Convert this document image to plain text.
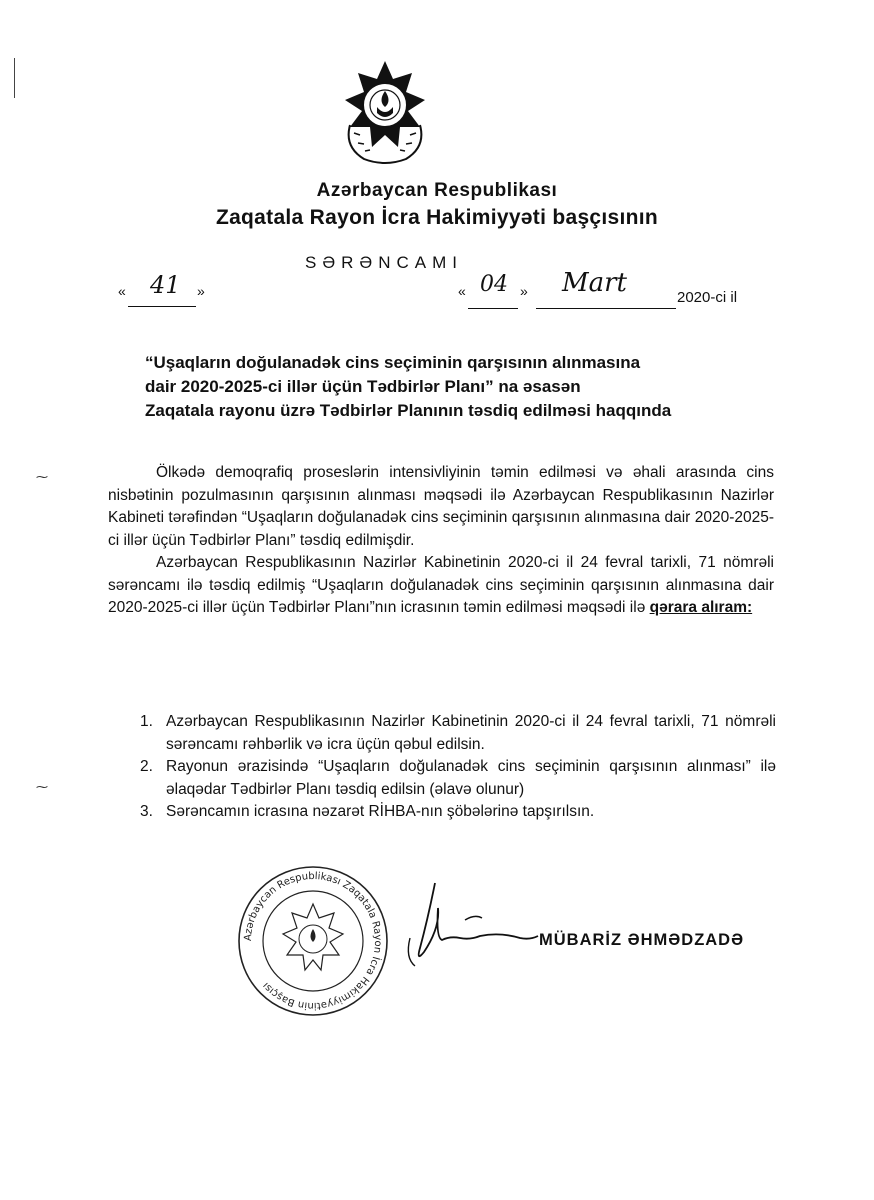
⁓
⁓
Azərbaycan Respublikası
Zaqatala Rayon İcra Hakimiyyəti başçısının
SƏRƏNCAMI
« 41 »	« 04 » Mart	2020-ci il
“Uşaqların doğulanadək cins seçiminin qarşısının alınmasına
dair 2020-2025-ci illər üçün Tədbirlər Planı” na əsasən
Zaqatala rayonu üzrə Tədbirlər Planının təsdiq edilməsi haqqında

Ölkədə demoqrafiq proseslərin intensivliyinin təmin edilməsi və əhali arasında cins nisbətinin pozulmasının qarşısının alınması məqsədi ilə Azərbaycan Respublikasının Nazirlər Kabineti tərəfindən “Uşaqların doğulanadək cins seçiminin qarşısının alınmasına dair 2020-2025-ci illər üçün Tədbirlər Planı” təsdiq edilmişdir.

Azərbaycan Respublikasının Nazirlər Kabinetinin 2020-ci il 24 fevral tarixli, 71 nömrəli sərəncamı ilə təsdiq edilmiş “Uşaqların doğulanadək cins seçiminin qarşısının alınmasına dair 2020-2025-ci illər üçün Tədbirlər Planı”nın icrasının təmin edilməsi məqsədi ilə qərara alıram:

1. Azərbaycan Respublikasının Nazirlər Kabinetinin 2020-ci il 24 fevral tarixli, 71 nömrəli sərəncamı rəhbərlik və icra üçün qəbul edilsin.
2. Rayonun ərazisində “Uşaqların doğulanadək cins seçiminin qarşısının alınması” ilə əlaqədar Tədbirlər Planı təsdiq edilsin (əlavə olunur)
3. Sərəncamın icrasına nəzarət RİHBA-nın şöbələrinə tapşırılsın.
Azərbaycan Respublikası Zaqatala Rayon İcra Hakimiyyətinin Başçısı
MÜBARİZ ƏHMƏDZADƏ
